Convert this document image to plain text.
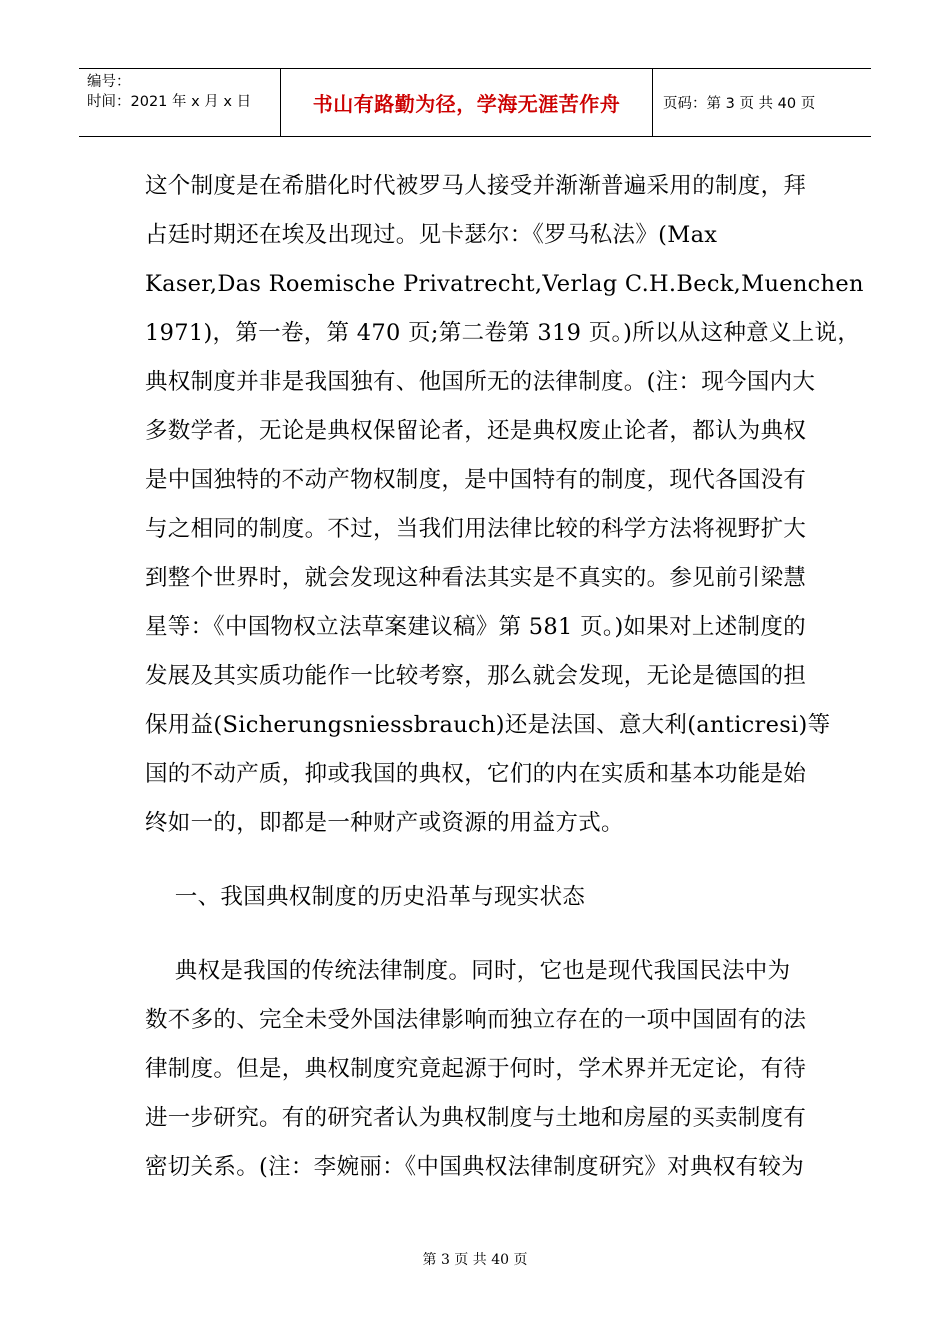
编号：
时间：2021 年 x 月 x 日	书山有路勤为径，学海无涯苦作舟	页码：第 3 页 共 40 页

这个制度是在希腊化时代被罗马人接受并渐渐普遍采用的制度，拜

占廷时期还在埃及出现过。见卡瑟尔：《罗马私法》(Max

Kaser,Das Roemische Privatrecht,Verlag C.H.Beck,Muenchen

1971)，第一卷，第 470 页;第二卷第 319 页。)所以从这种意义上说，

典权制度并非是我国独有、他国所无的法律制度。(注：现今国内大

多数学者，无论是典权保留论者，还是典权废止论者，都认为典权

是中国独特的不动产物权制度，是中国特有的制度，现代各国没有

与之相同的制度。不过，当我们用法律比较的科学方法将视野扩大

到整个世界时，就会发现这种看法其实是不真实的。参见前引梁慧

星等：《中国物权立法草案建议稿》第 581 页。)如果对上述制度的

发展及其实质功能作一比较考察，那么就会发现，无论是德国的担

保用益(Sicherungsniessbrauch)还是法国、意大利(anticresi)等

国的不动产质，抑或我国的典权，它们的内在实质和基本功能是始

终如一的，即都是一种财产或资源的用益方式。

一、我国典权制度的历史沿革与现实状态

典权是我国的传统法律制度。同时，它也是现代我国民法中为

数不多的、完全未受外国法律影响而独立存在的一项中国固有的法

律制度。但是，典权制度究竟起源于何时，学术界并无定论，有待

进一步研究。有的研究者认为典权制度与土地和房屋的买卖制度有

密切关系。(注：李婉丽：《中国典权法律制度研究》对典权有较为

第 3 页 共 40 页
